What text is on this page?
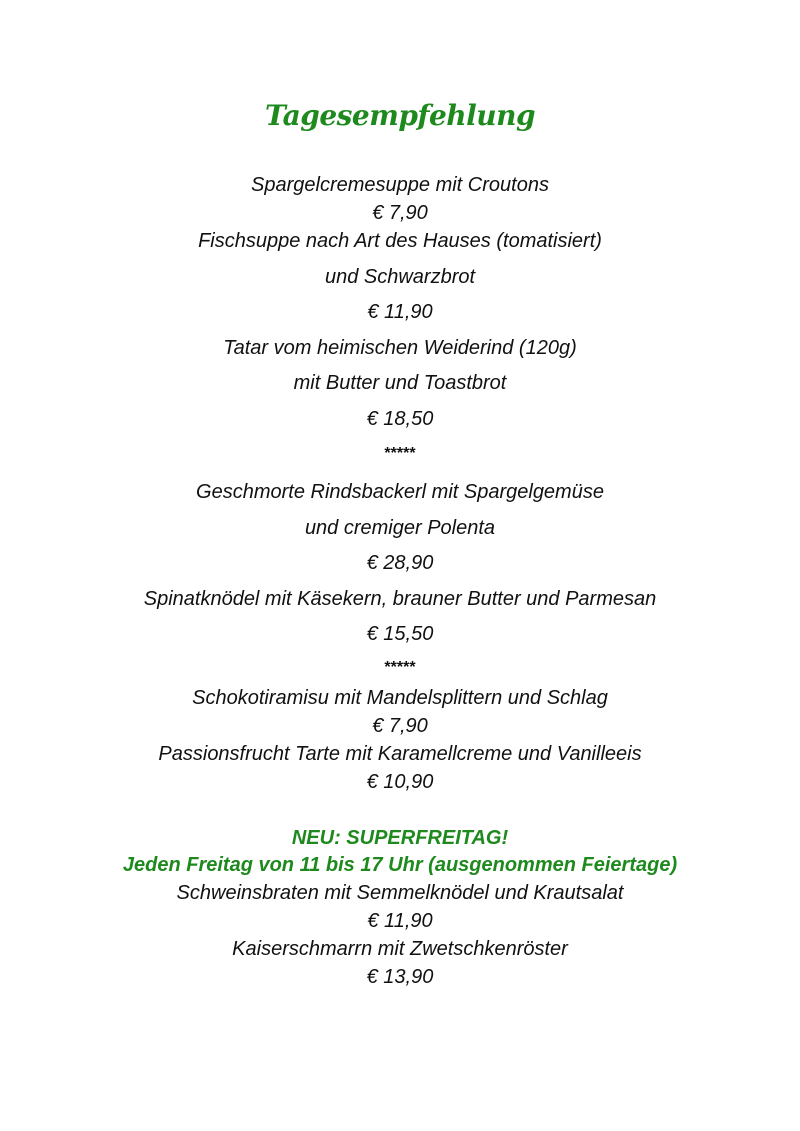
Tagesempfehlung
Spargelcremesuppe mit Croutons
€ 7,90
Fischsuppe nach Art des Hauses (tomatisiert)
und Schwarzbrot
€ 11,90
Tatar vom heimischen Weiderind (120g)
mit Butter und Toastbrot
€ 18,50
*****
Geschmorte Rindsbackerl mit Spargelgemüse
und cremiger Polenta
€ 28,90
Spinatknödel mit Käsekern, brauner Butter und Parmesan
€ 15,50
*****
Schokotiramisu mit Mandelsplittern und Schlag
€ 7,90
Passionsfrucht Tarte mit Karamellcreme und Vanilleeis
€ 10,90
NEU: SUPERFREITAG!
Jeden Freitag von 11 bis 17 Uhr (ausgenommen Feiertage)
Schweinsbraten mit Semmelknödel und Krautsalat
€ 11,90
Kaiserschmarrn mit Zwetschkenröster
€ 13,90
